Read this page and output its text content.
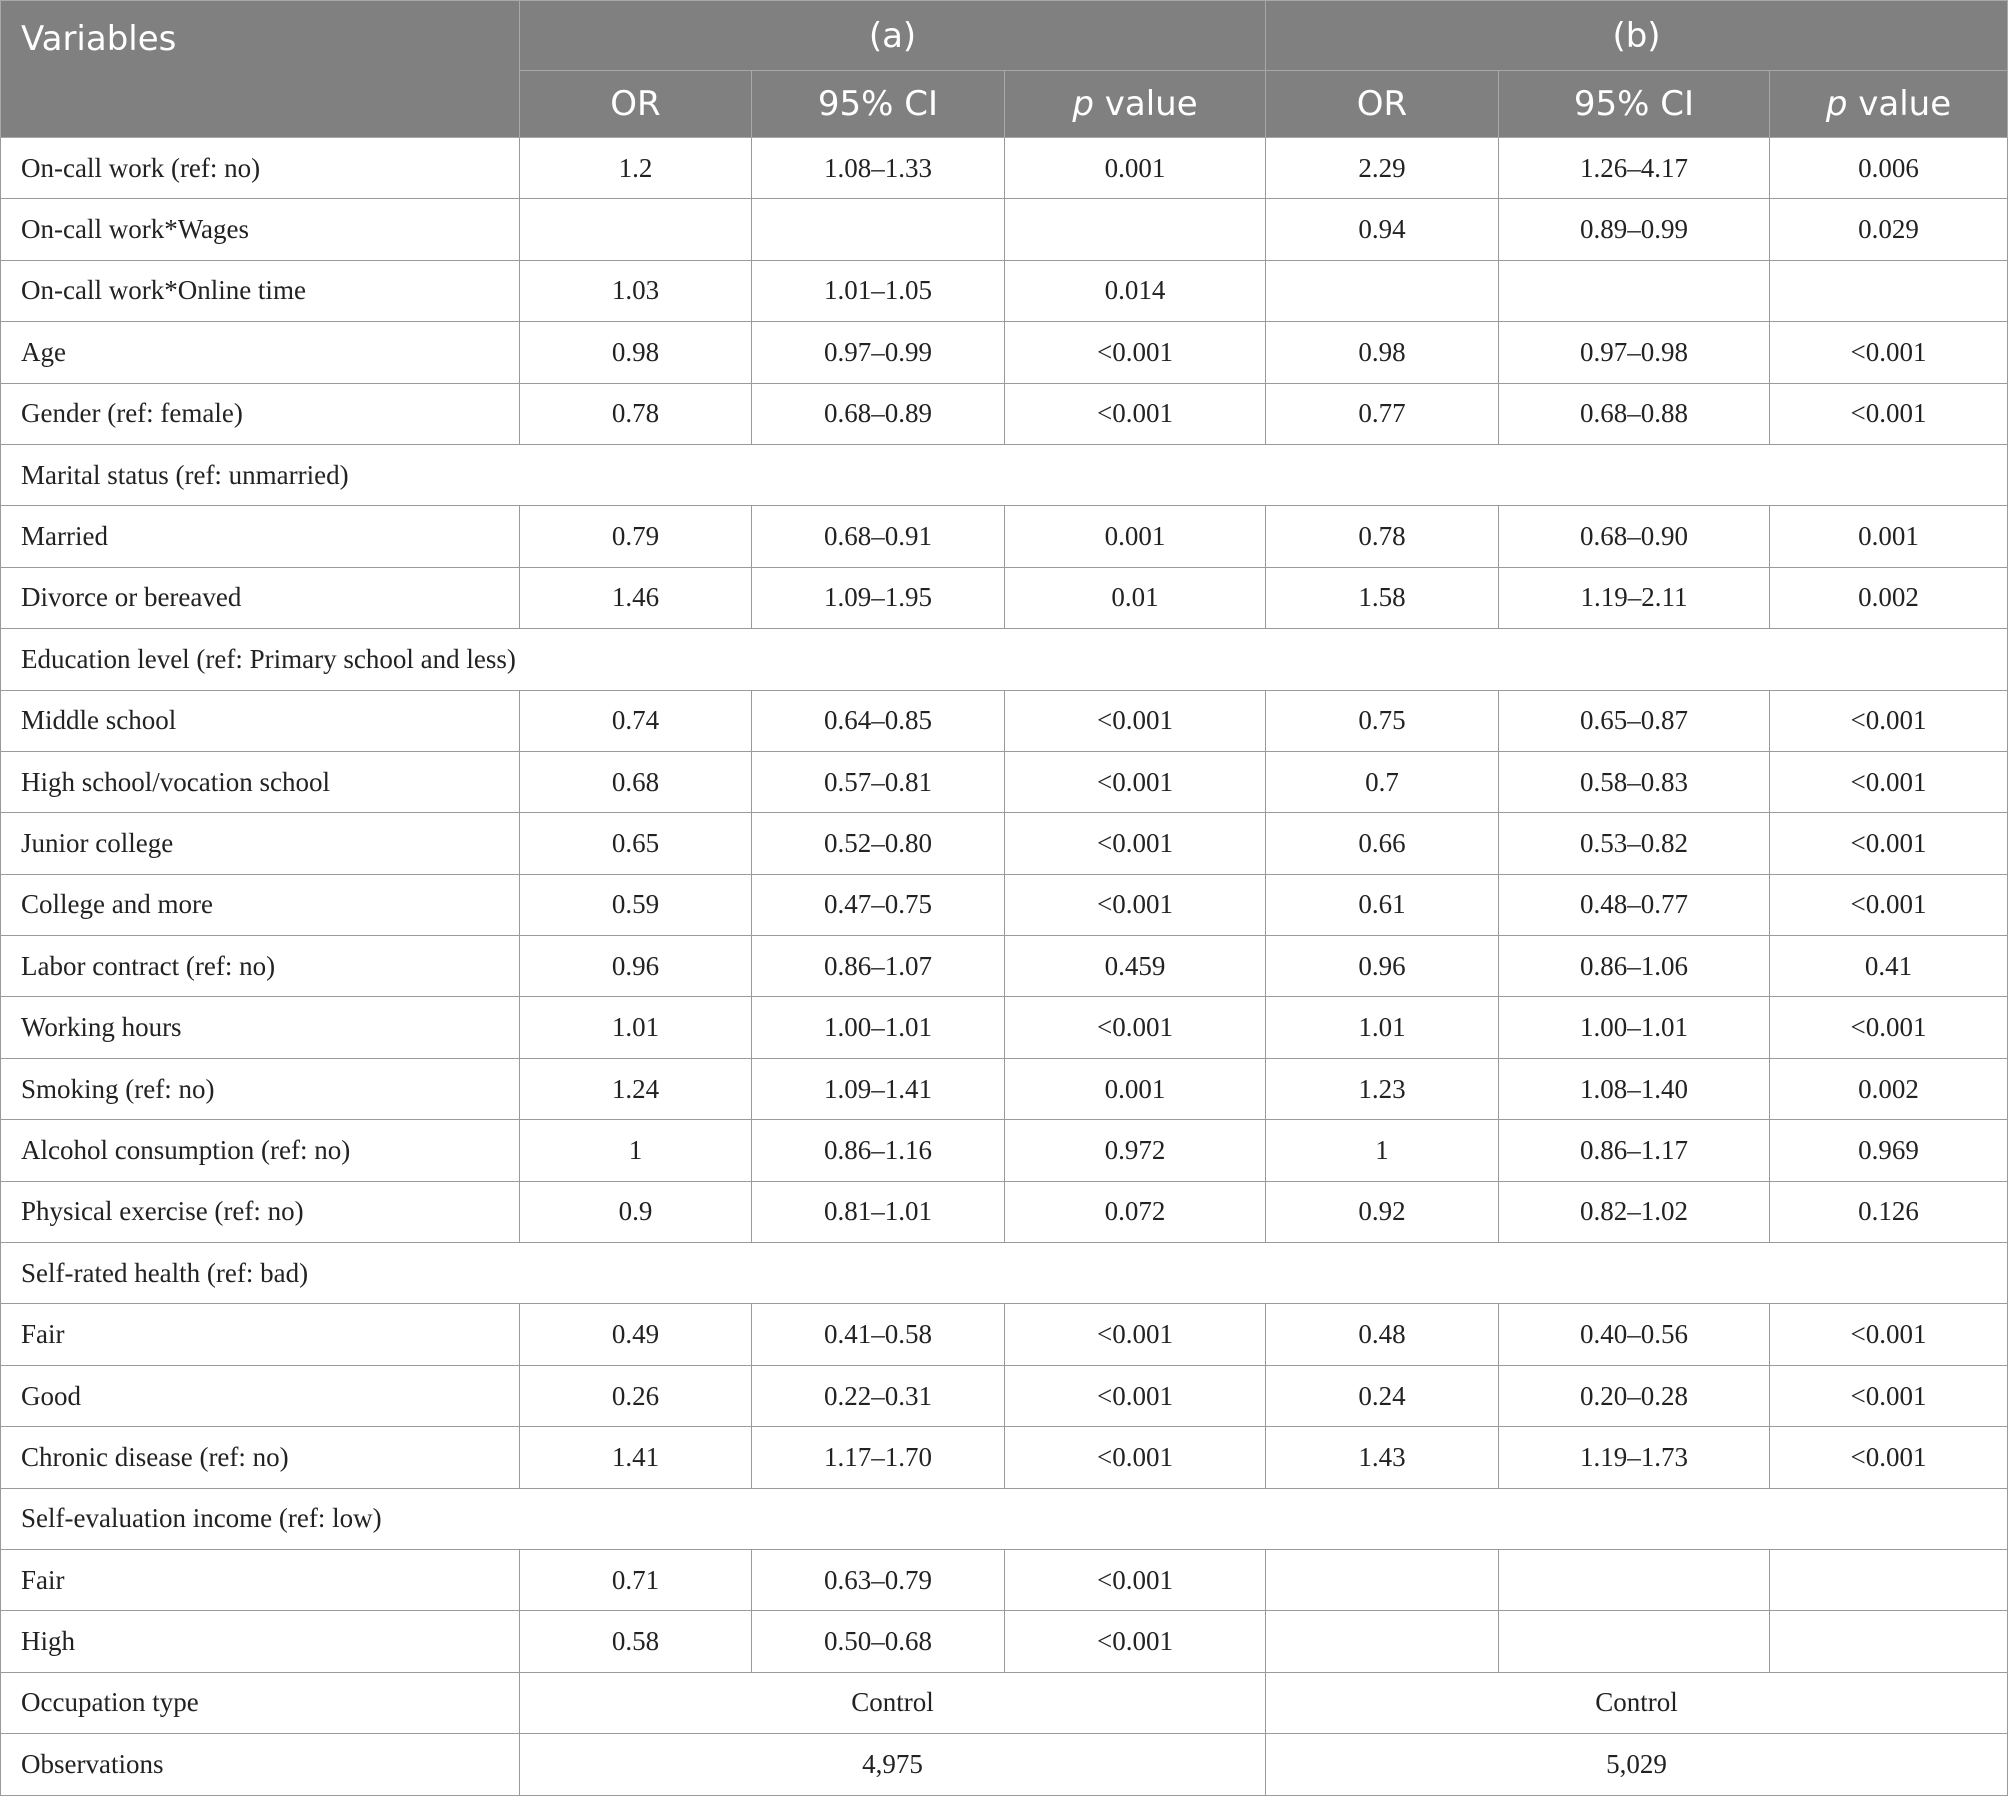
Variables	(a)			(b)		
	OR	95% CI	p value	OR	95% CI	p value
On-call work (ref: no)	1.2	1.08–1.33	0.001	2.29	1.26–4.17	0.006
On-call work*Wages				0.94	0.89–0.99	0.029
On-call work*Online time	1.03	1.01–1.05	0.014			
Age	0.98	0.97–0.99	<0.001	0.98	0.97–0.98	<0.001
Gender (ref: female)	0.78	0.68–0.89	<0.001	0.77	0.68–0.88	<0.001
Marital status (ref: unmarried)						
Married	0.79	0.68–0.91	0.001	0.78	0.68–0.90	0.001
Divorce or bereaved	1.46	1.09–1.95	0.01	1.58	1.19–2.11	0.002
Education level (ref: Primary school and less)						
Middle school	0.74	0.64–0.85	<0.001	0.75	0.65–0.87	<0.001
High school/vocation school	0.68	0.57–0.81	<0.001	0.7	0.58–0.83	<0.001
Junior college	0.65	0.52–0.80	<0.001	0.66	0.53–0.82	<0.001
College and more	0.59	0.47–0.75	<0.001	0.61	0.48–0.77	<0.001
Labor contract (ref: no)	0.96	0.86–1.07	0.459	0.96	0.86–1.06	0.41
Working hours	1.01	1.00–1.01	<0.001	1.01	1.00–1.01	<0.001
Smoking (ref: no)	1.24	1.09–1.41	0.001	1.23	1.08–1.40	0.002
Alcohol consumption (ref: no)	1	0.86–1.16	0.972	1	0.86–1.17	0.969
Physical exercise (ref: no)	0.9	0.81–1.01	0.072	0.92	0.82–1.02	0.126
Self-rated health (ref: bad)						
Fair	0.49	0.41–0.58	<0.001	0.48	0.40–0.56	<0.001
Good	0.26	0.22–0.31	<0.001	0.24	0.20–0.28	<0.001
Chronic disease (ref: no)	1.41	1.17–1.70	<0.001	1.43	1.19–1.73	<0.001
Self-evaluation income (ref: low)						
Fair	0.71	0.63–0.79	<0.001			
High	0.58	0.50–0.68	<0.001			
Occupation type	Control			Control		
Observations	4,975			5,029		
